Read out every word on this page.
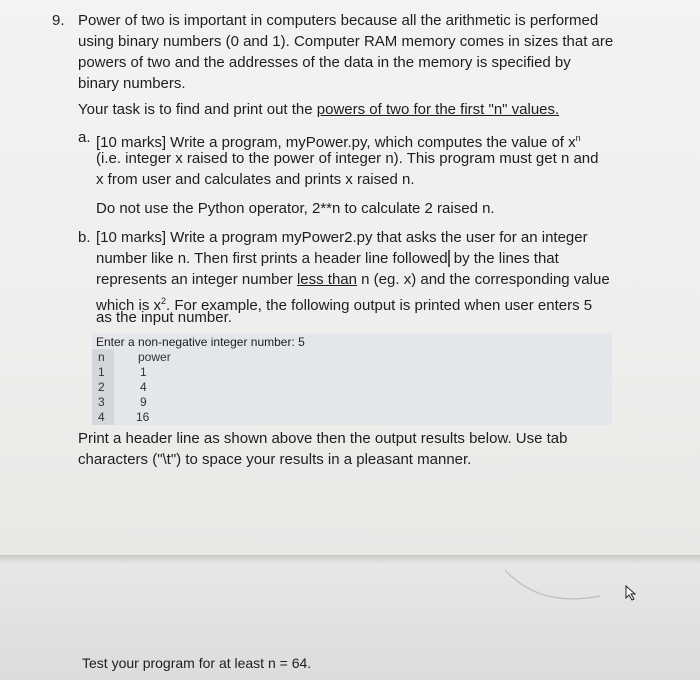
9. Power of two is important in computers because all the arithmetic is performed
using binary numbers (0 and 1). Computer RAM memory comes in sizes that are
powers of two and the addresses of the data in the memory is specified by
binary numbers.
Your task is to find and print out the powers of two for the first "n" values.
a. [10 marks] Write a program, myPower.py, which computes the value of $x^n$
(i.e. integer x raised to the power of integer n). This program must get n and
x from user and calculates and prints x raised n.
Do not use the Python operator, 2**n to calculate 2 raised n.
b. [10 marks] Write a program myPower2.py that asks the user for an integer
number like n. Then first prints a header line followed by the lines that
represents an integer number less than n (eg. x) and the corresponding value
which is $x^2$. For example, the following output is printed when user enters 5
as the input number.
Enter a non-negative integer number: 5
n	power
1	1
2	4
3	9
4	16
Print a header line as shown above then the output results below. Use tab
characters ("\t") to space your results in a pleasant manner.
Test your program for at least n = 64.
